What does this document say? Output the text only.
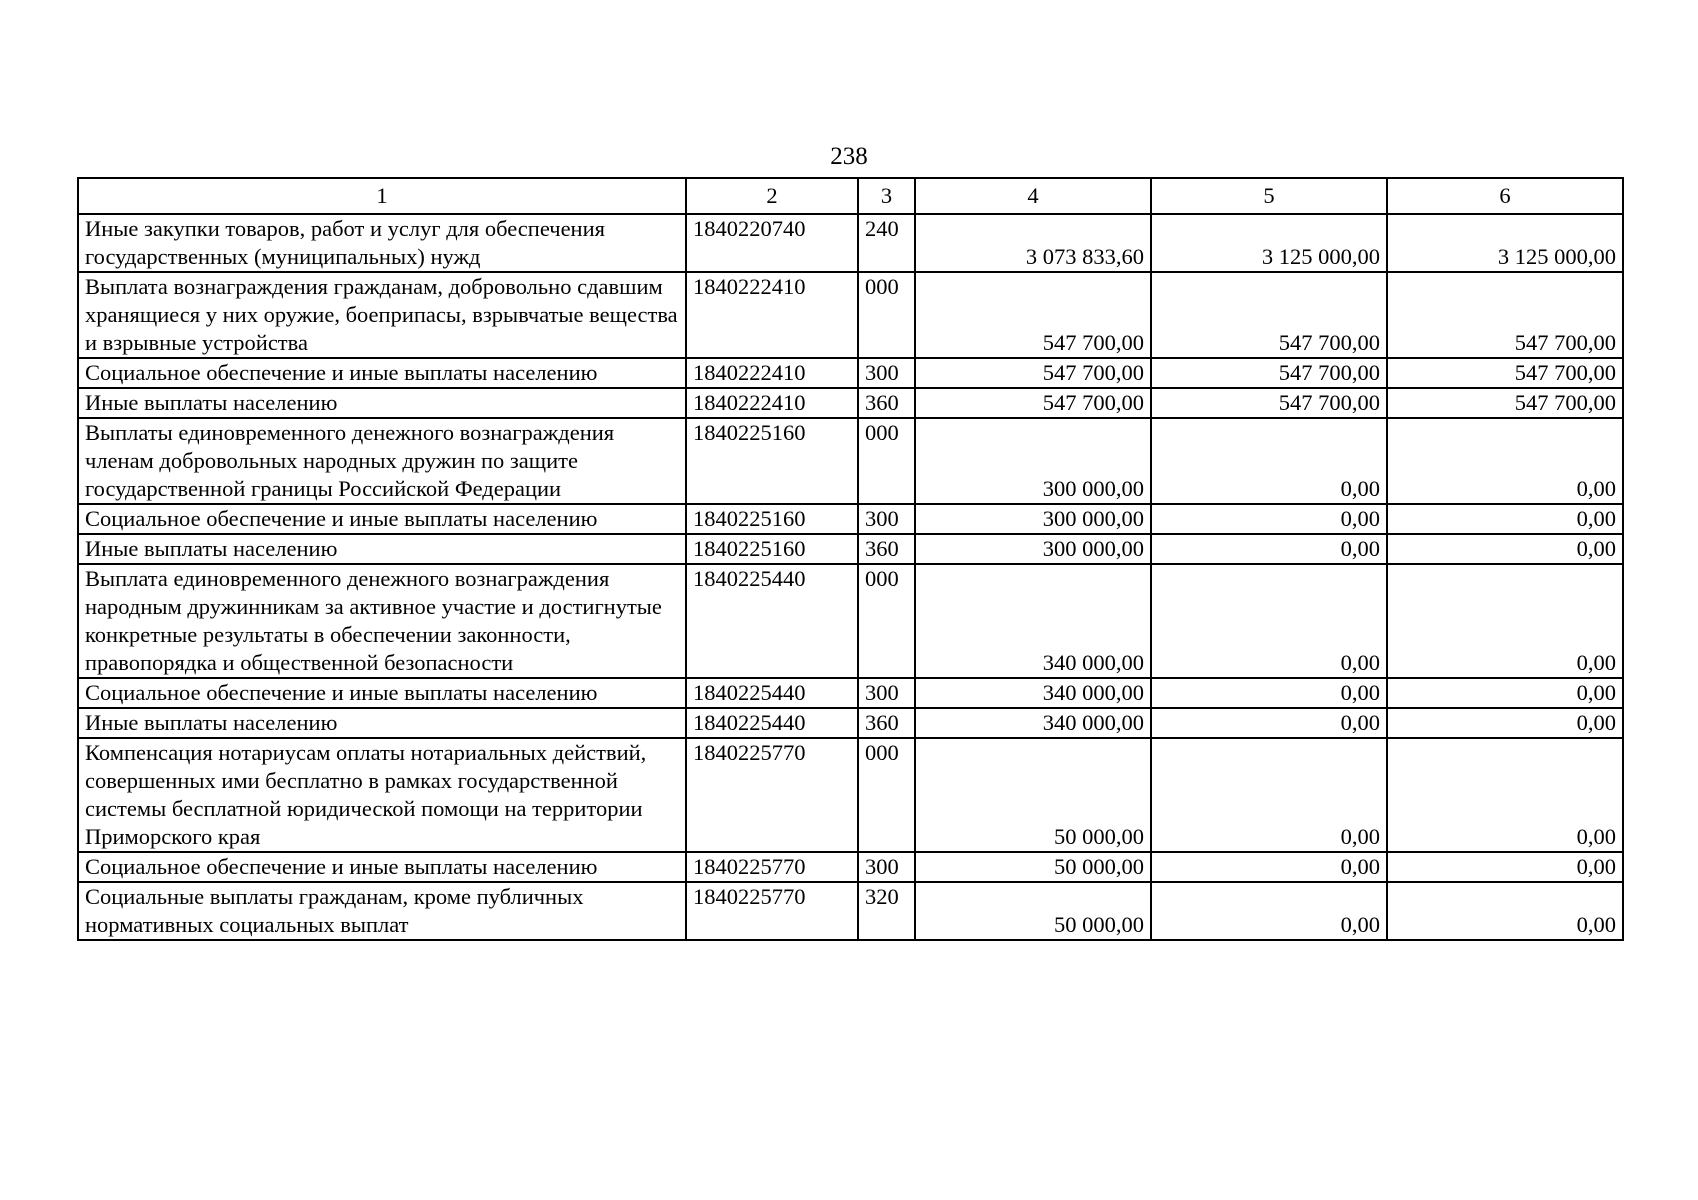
238
1	2	3	4	5	6
Иные закупки товаров, работ и услуг для обеспечения государственных (муниципальных) нужд	1840220740	240	3 073 833,60	3 125 000,00	3 125 000,00
Выплата вознаграждения гражданам, добровольно сдавшим хранящиеся у них оружие, боеприпасы, взрывчатые вещества и взрывные устройства	1840222410	000	547 700,00	547 700,00	547 700,00
Социальное обеспечение и иные выплаты населению	1840222410	300	547 700,00	547 700,00	547 700,00
Иные выплаты населению	1840222410	360	547 700,00	547 700,00	547 700,00
Выплаты единовременного денежного вознаграждения членам добровольных народных дружин по защите государственной границы Российской Федерации	1840225160	000	300 000,00	0,00	0,00
Социальное обеспечение и иные выплаты населению	1840225160	300	300 000,00	0,00	0,00
Иные выплаты населению	1840225160	360	300 000,00	0,00	0,00
Выплата единовременного денежного вознаграждения народным дружинникам за активное участие и достигнутые конкретные результаты в обеспечении законности, правопорядка и общественной безопасности	1840225440	000	340 000,00	0,00	0,00
Социальное обеспечение и иные выплаты населению	1840225440	300	340 000,00	0,00	0,00
Иные выплаты населению	1840225440	360	340 000,00	0,00	0,00
Компенсация нотариусам оплаты нотариальных действий, совершенных ими бесплатно в рамках государственной системы бесплатной юридической помощи на территории Приморского края	1840225770	000	50 000,00	0,00	0,00
Социальное обеспечение и иные выплаты населению	1840225770	300	50 000,00	0,00	0,00
Социальные выплаты гражданам, кроме публичных нормативных социальных выплат	1840225770	320	50 000,00	0,00	0,00
